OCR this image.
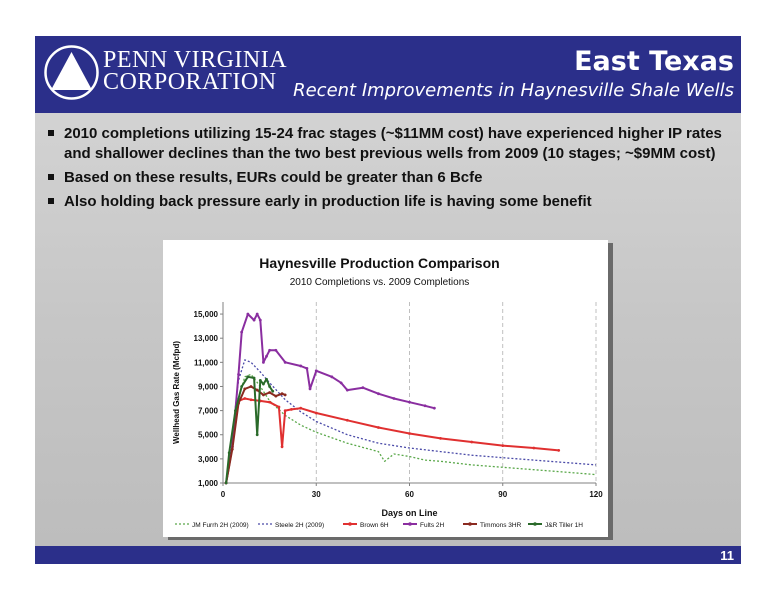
PENN VIRGINIA
CORPORATION
East Texas
Recent Improvements in Haynesville Shale Wells
2010 completions utilizing 15-24 frac stages (~$11MM cost) have experienced higher IP rates and shallower declines than the two best previous wells from 2009 (10 stages; ~$9MM cost)
Based on these results, EURs could be greater than 6 Bcfe
Also holding back pressure early in production life is having some benefit
Haynesville Production Comparison
2010 Completions vs. 2009 Completions
1,000
3,000
5,000
7,000
9,000
11,000
13,000
15,000
0	30	60	90	120
Days on Line
Wellhead Gas Rate (Mcfpd)
JM Furrh 2H (2009)	Steele 2H (2009)	Brown 6H	Fults 2H	Timmons 3HR	J&R Tiller 1H
11
